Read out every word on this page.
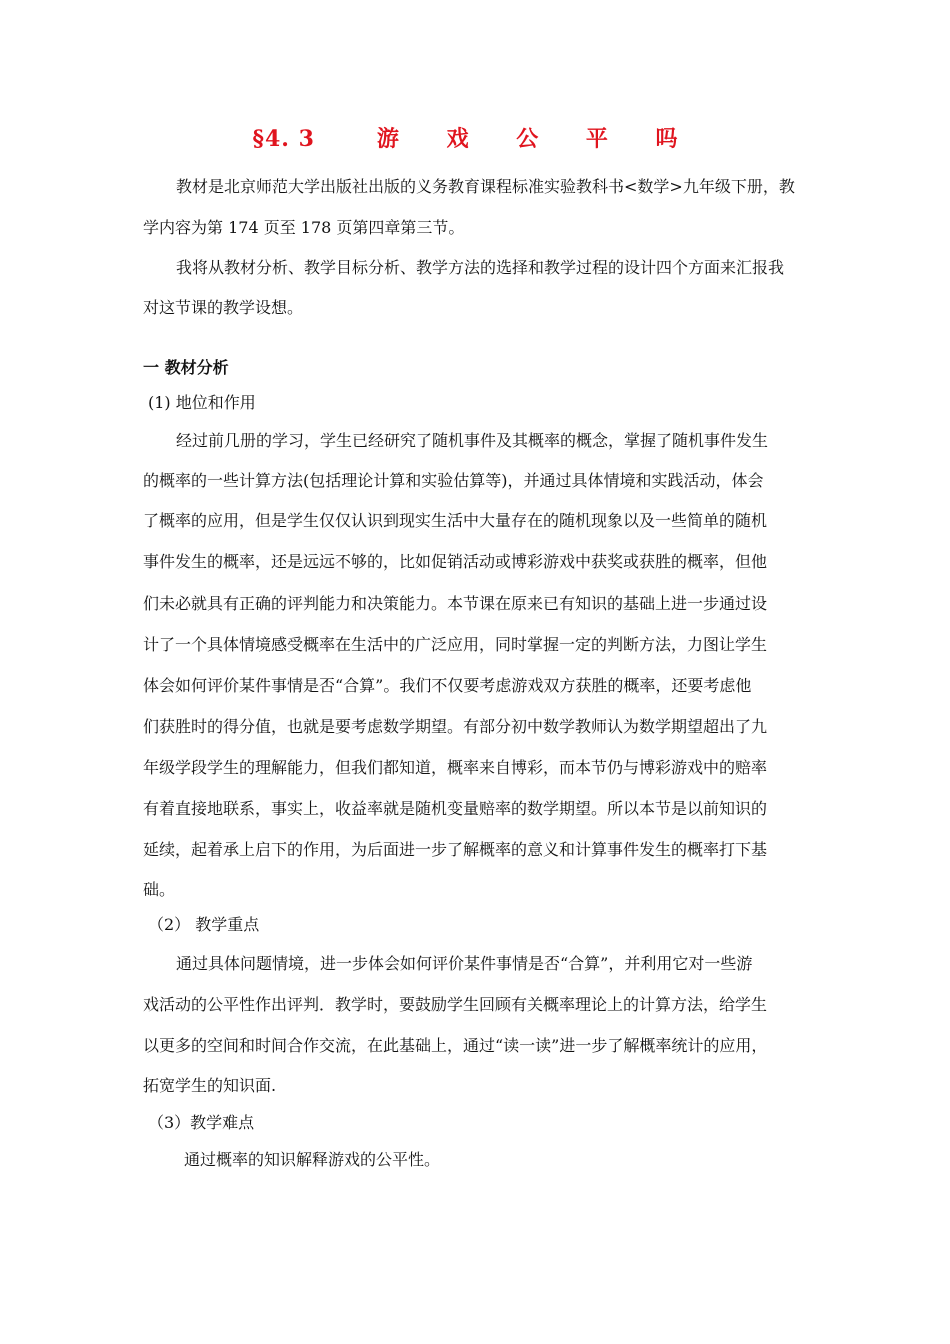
§4. 3	游 戏 公 平 吗
教材是北京师范大学出版社出版的义务教育课程标准实验教科书<数学>九年级下册，教
学内容为第 174 页至 178 页第四章第三节。
我将从教材分析、教学目标分析、教学方法的选择和教学过程的设计四个方面来汇报我
对这节课的教学设想。
一 教材分析
(1) 地位和作用
经过前几册的学习，学生已经研究了随机事件及其概率的概念，掌握了随机事件发生
的概率的一些计算方法(包括理论计算和实验估算等)，并通过具体情境和实践活动，体会
了概率的应用，但是学生仅仅认识到现实生活中大量存在的随机现象以及一些简单的随机
事件发生的概率，还是远远不够的，比如促销活动或博彩游戏中获奖或获胜的概率，但他
们未必就具有正确的评判能力和决策能力。本节课在原来已有知识的基础上进一步通过设
计了一个具体情境感受概率在生活中的广泛应用，同时掌握一定的判断方法，力图让学生
体会如何评价某件事情是否“合算”。我们不仅要考虑游戏双方获胜的概率，还要考虑他
们获胜时的得分值，也就是要考虑数学期望。有部分初中数学教师认为数学期望超出了九
年级学段学生的理解能力，但我们都知道，概率来自博彩，而本节仍与博彩游戏中的赔率
有着直接地联系，事实上，收益率就是随机变量赔率的数学期望。所以本节是以前知识的
延续，起着承上启下的作用，为后面进一步了解概率的意义和计算事件发生的概率打下基
础。
（2） 教学重点
通过具体问题情境，进一步体会如何评价某件事情是否“合算”，并利用它对一些游
戏活动的公平性作出评判．教学时，要鼓励学生回顾有关概率理论上的计算方法，给学生
以更多的空间和时间合作交流，在此基础上，通过“读一读”进一步了解概率统计的应用，
拓宽学生的知识面.
（3）教学难点
通过概率的知识解释游戏的公平性。
